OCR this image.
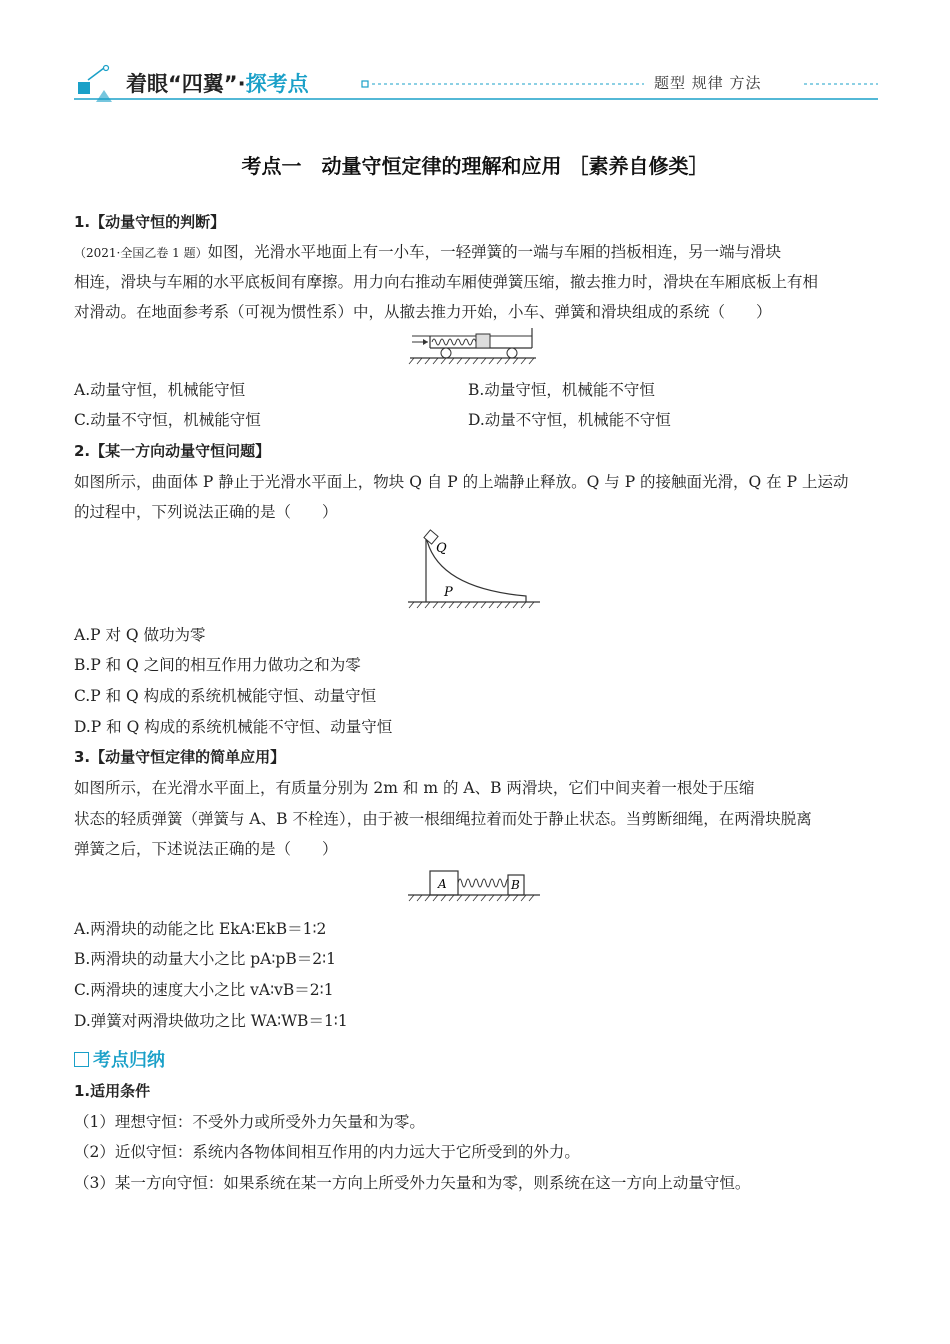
着眼“四翼”·探考点	题型 规律 方法
考点一　动量守恒定律的理解和应用 ［素养自修类］
1.【动量守恒的判断】
（2021·全国乙卷 1 题）如图，光滑水平地面上有一小车，一轻弹簧的一端与车厢的挡板相连，另一端与滑块
相连，滑块与车厢的水平底板间有摩擦。用力向右推动车厢使弹簧压缩，撤去推力时，滑块在车厢底板上有相
对滑动。在地面参考系（可视为惯性系）中，从撤去推力开始，小车、弹簧和滑块组成的系统（　　）
A.动量守恒，机械能守恒	B.动量守恒，机械能不守恒
C.动量不守恒，机械能守恒	D.动量不守恒，机械能不守恒
2.【某一方向动量守恒问题】
如图所示，曲面体 P 静止于光滑水平面上，物块 Q 自 P 的上端静止释放。Q 与 P 的接触面光滑，Q 在 P 上运动
的过程中，下列说法正确的是（　　）
Q
P
A.P 对 Q 做功为零
B.P 和 Q 之间的相互作用力做功之和为零
C.P 和 Q 构成的系统机械能守恒、动量守恒
D.P 和 Q 构成的系统机械能不守恒、动量守恒
3.【动量守恒定律的简单应用】
如图所示，在光滑水平面上，有质量分别为 2m 和 m 的 A、B 两滑块，它们中间夹着一根处于压缩
状态的轻质弹簧（弹簧与 A、B 不栓连），由于被一根细绳拉着而处于静止状态。当剪断细绳，在两滑块脱离
弹簧之后，下述说法正确的是（　　）
A	B
A.两滑块的动能之比 EkA∶EkB＝1∶2
B.两滑块的动量大小之比 pA∶pB＝2∶1
C.两滑块的速度大小之比 vA∶vB＝2∶1
D.弹簧对两滑块做功之比 WA∶WB＝1∶1
考点归纳
1.适用条件
（1）理想守恒：不受外力或所受外力矢量和为零。
（2）近似守恒：系统内各物体间相互作用的内力远大于它所受到的外力。
（3）某一方向守恒：如果系统在某一方向上所受外力矢量和为零，则系统在这一方向上动量守恒。
